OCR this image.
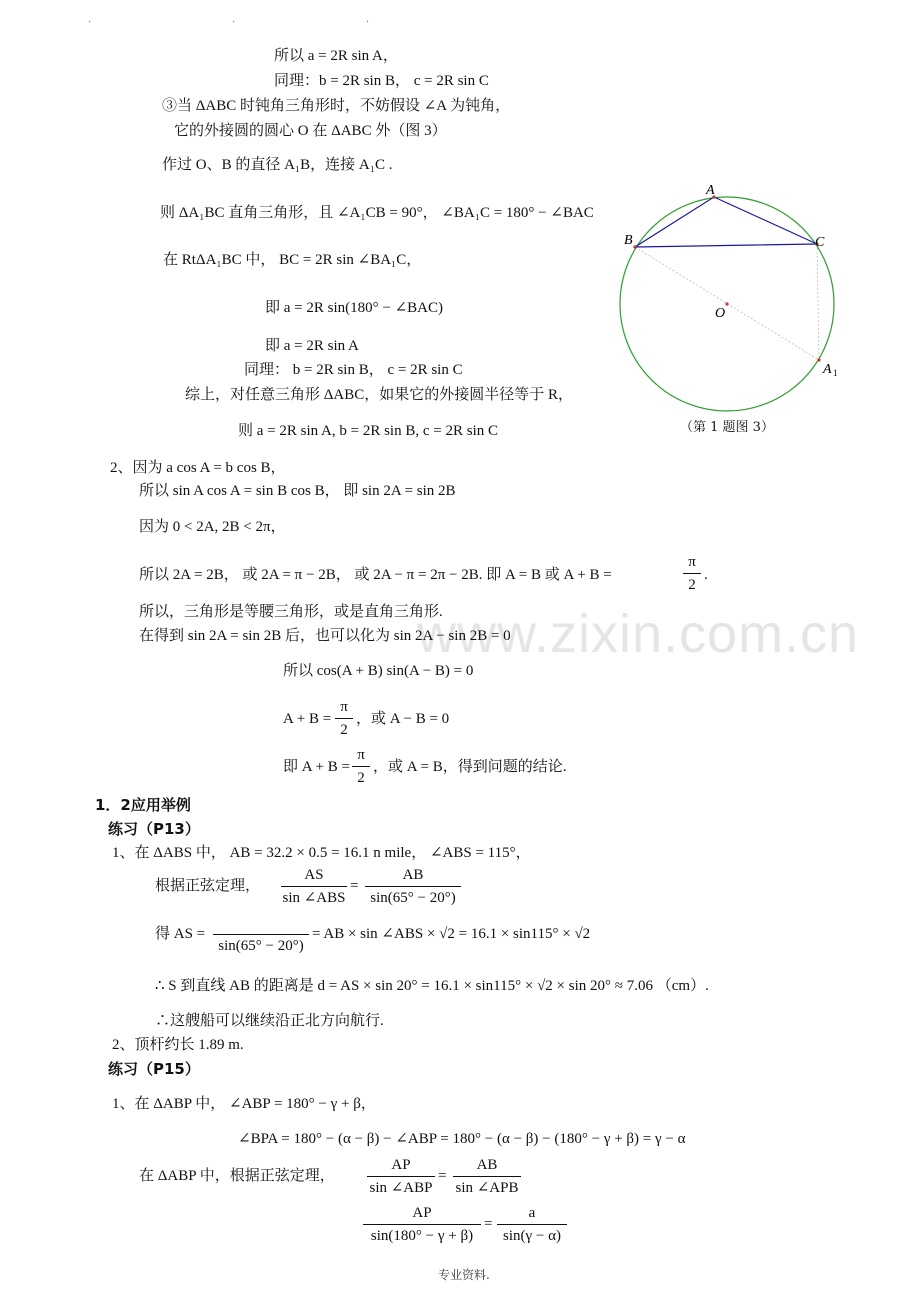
.	.	.
www.zixin.com.cn
所以 a = 2R sin A，
同理：b = 2R sin B， c = 2R sin C
③当 ΔABC 时钝角三角形时，不妨假设 ∠A 为钝角，
它的外接圆的圆心 O 在 ΔABC 外（图 3）
作过 O、B 的直径 A₁B，连接 A₁C .
则 ΔA₁BC 直角三角形，且 ∠A₁CB = 90°， ∠BA₁C = 180° − ∠BAC
在 RtΔA₁BC 中， BC = 2R sin ∠BA₁C，
即 a = 2R sin(180° − ∠BAC)
即 a = 2R sin A
同理： b = 2R sin B， c = 2R sin C
综上，对任意三角形 ΔABC，如果它的外接圆半径等于 R，
则 a = 2R sin A, b = 2R sin B, c = 2R sin C
A
B	C
O
A 1
（第 1 题图 3）
2、因为 a cos A = b cos B，
所以 sin A cos A = sin B cos B， 即 sin 2A = sin 2B
因为 0 < 2A, 2B < 2π，
所以 2A = 2B， 或 2A = π − 2B， 或 2A − π = 2π − 2B. 即 A = B 或 A + B =
π
2
.
所以，三角形是等腰三角形，或是直角三角形.
在得到 sin 2A = sin 2B 后，也可以化为 sin 2A − sin 2B = 0
所以 cos(A + B) sin(A − B) = 0
A + B =
π
2
，或 A − B = 0
即 A + B =
π
2
，或 A = B，得到问题的结论.
1．2应用举例
练习（P13）
1、在 ΔABS 中， AB = 32.2 × 0.5 = 16.1 n mile， ∠ABS = 115°，
根据正弦定理，
AS
sin ∠ABS
=
AB
sin(65° − 20°)
得 AS =
sin(65° − 20°)
= AB × sin ∠ABS × √2 = 16.1 × sin115° × √2
∴ S 到直线 AB 的距离是 d = AS × sin 20° = 16.1 × sin115° × √2 × sin 20° ≈ 7.06 （cm）.
∴这艘船可以继续沿正北方向航行.
2、顶杆约长 1.89 m.
练习（P15）
1、在 ΔABP 中， ∠ABP = 180° − γ + β，
∠BPA = 180° − (α − β) − ∠ABP = 180° − (α − β) − (180° − γ + β) = γ − α
在 ΔABP 中，根据正弦定理，
AP
sin ∠ABP
=
AB
sin ∠APB
AP
sin(180° − γ + β)
=
a
sin(γ − α)
专业资料.
